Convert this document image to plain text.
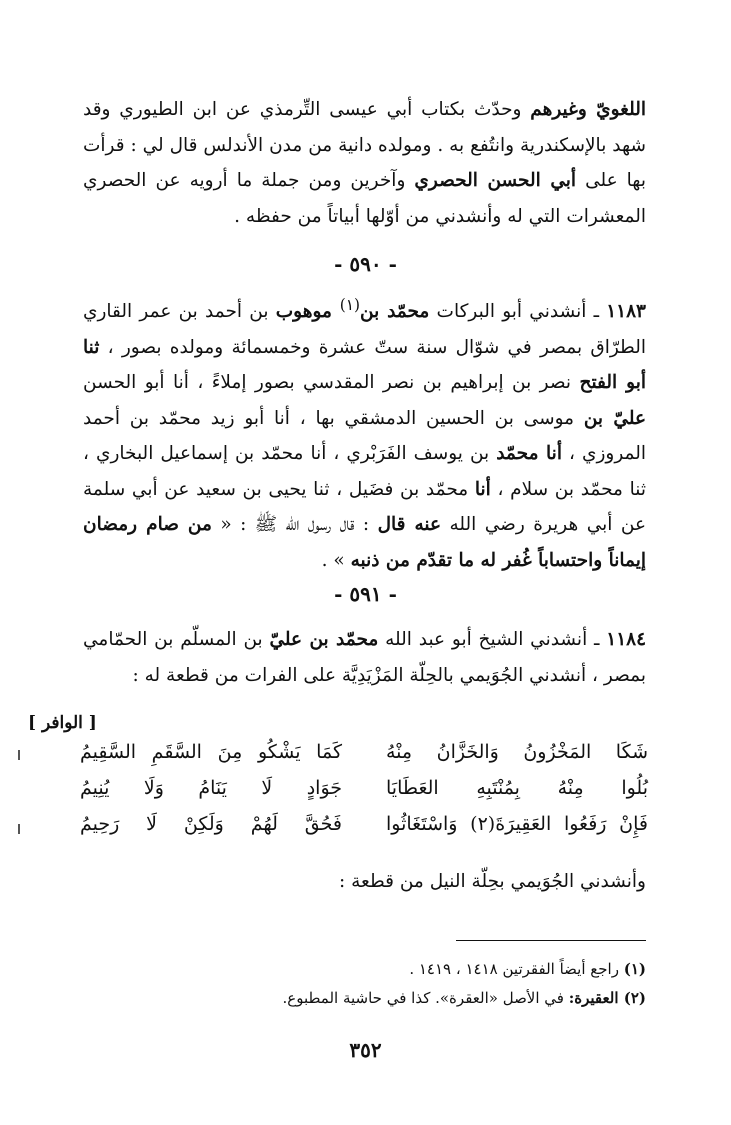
اللغويّ وغيرهم وحدّث بكتاب أبي عيسى التِّرمذي عن ابن الطيوري وقد شهد بالإسكندرية وانتُفع به . ومولده دانية من مدن الأندلس قال لي : قرأت بها على أبي الحسن الحصري وآخرين ومن جملة ما أرويه عن الحصري المعشرات التي له وأنشدني من أوّلها أبياتاً من حفظه .

- ٥٩٠ -

١١٨٣ ـ أنشدني أبو البركات محمّد بن$^{(١)}$ موهوب بن أحمد بن عمر القاري الطرّاق بمصر في شوّال سنة ستّ عشرة وخمسمائة ومولده بصور ، ثنا أبو الفتح نصر بن إبراهيم بن نصر المقدسي بصور إملاءً ، أنا أبو الحسن عليّ بن موسى بن الحسين الدمشقي بها ، أنا أبو زيد محمّد بن أحمد المروزي ، أنا محمّد بن يوسف الفَرَبْري ، أنا محمّد بن إسماعيل البخاري ، ثنا محمّد بن سلام ، أنا محمّد بن فضَيل ، ثنا يحيى بن سعيد عن أبي سلمة عن أبي هريرة رضي الله عنه قال : قال رسول الله ﷺ : « من صام رمضان إيماناً واحتساباً غُفر له ما تقدّم من ذنبه » .

- ٥٩١ -

١١٨٤ ـ أنشدني الشيخ أبو عبد الله محمّد بن عليّ بن المسلّم بن الحمّامي بمصر ، أنشدني الجُوَيمي بالحِلّة المَزْيَدِيَّة على الفرات من قطعة له :

[ الوافر ]
شَكَا المَخْزُونُ وَالخَزَّانُ مِنْهُ
كَمَا يَشْكُو مِنَ السَّقَمِ السَّقِيمُ
بُلُوا مِنْهُ بِمُنْتَبِهِ العَطَايَا
جَوَادٍ لَا يَنَامُ وَلَا يُنِيمُ
فَإِنْ رَفَعُوا العَقِيرَةَ(٢) وَاسْتَغَاثُوا
فَحُقَّ لَهُمْ وَلَكِنْ لَا رَحِيمُ

وأنشدني الجُوَيمي بحِلّة النيل من قطعة :

(١) راجع أيضاً الفقرتين ١٤١٨ ، ١٤١٩ .

(٢) العقيرة: في الأصل «العقرة». كذا في حاشية المطبوع.

٣٥٢
